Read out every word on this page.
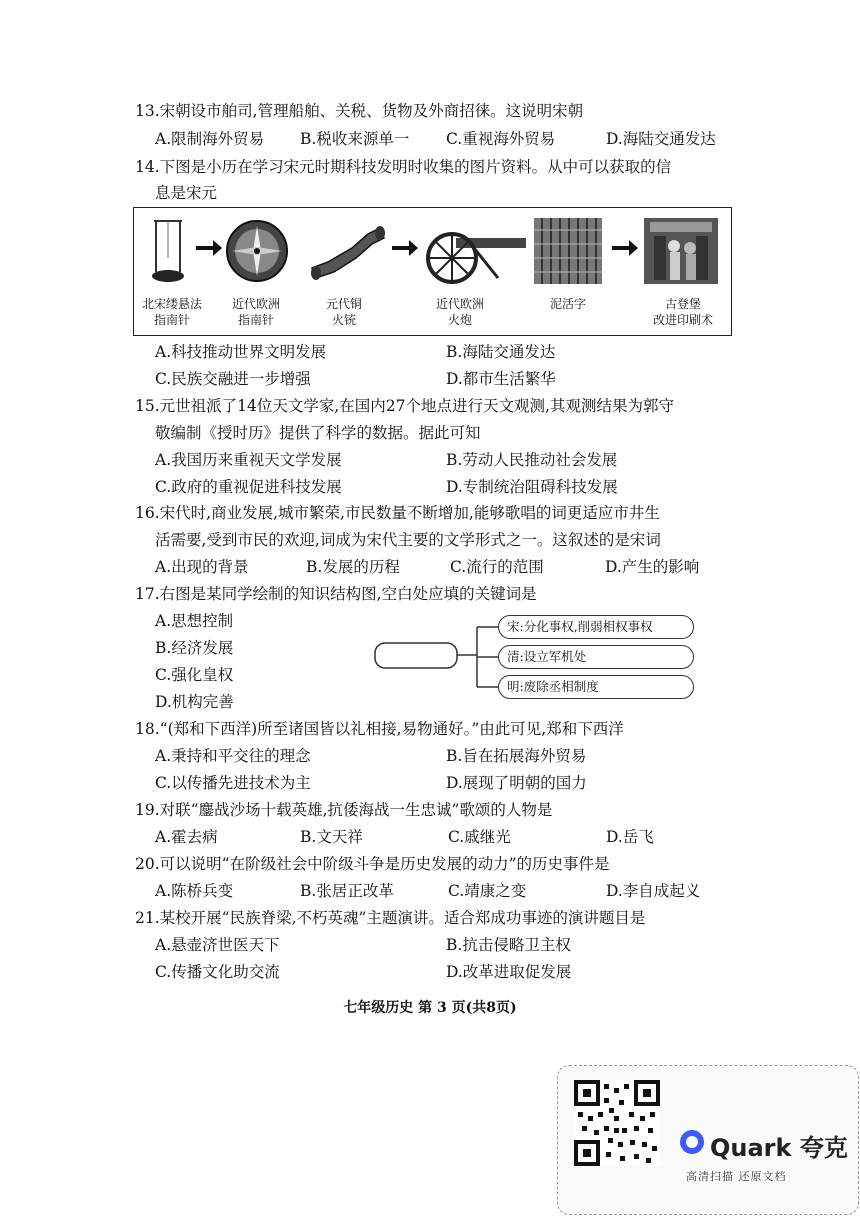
13.宋朝设市舶司,管理船舶、关税、货物及外商招徕。这说明宋朝
A.限制海外贸易 B.税收来源单一 C.重视海外贸易	D.海陆交通发达
14.下图是小历在学习宋元时期科技发明时收集的图片资料。从中可以获取的信
息是宋元
北宋缕悬法
指南针
近代欧洲
指南针
元代铜
火铳
近代欧洲
火炮
泥活字	古登堡
改进印刷术
A.科技推动世界文明发展	B.海陆交通发达
C.民族交融进一步增强	D.都市生活繁华
15.元世祖派了14位天文学家,在国内27个地点进行天文观测,其观测结果为郭守
敬编制《授时历》提供了科学的数据。据此可知
A.我国历来重视天文学发展	B.劳动人民推动社会发展
C.政府的重视促进科技发展	D.专制统治阻碍科技发展
16.宋代时,商业发展,城市繁荣,市民数量不断增加,能够歌唱的词更适应市井生
活需要,受到市民的欢迎,词成为宋代主要的文学形式之一。这叙述的是宋词
A.出现的背景	B.发展的历程	C.流行的范围	D.产生的影响
17.右图是某同学绘制的知识结构图,空白处应填的关键词是
A.思想控制
B.经济发展
C.强化皇权
D.机构完善
宋:分化事权,削弱相权事权
清:设立军机处
明:废除丞相制度
18.“(郑和下西洋)所至诸国皆以礼相接,易物通好。”由此可见,郑和下西洋
A.秉持和平交往的理念	B.旨在拓展海外贸易
C.以传播先进技术为主	D.展现了明朝的国力
19.对联“鏖战沙场十载英雄,抗倭海战一生忠诚”歌颂的人物是
A.霍去病	B.文天祥	C.戚继光	D.岳飞
20.可以说明“在阶级社会中阶级斗争是历史发展的动力”的历史事件是
A.陈桥兵变	B.张居正改革	C.靖康之变	D.李自成起义
21.某校开展“民族脊梁,不朽英魂”主题演讲。适合郑成功事迹的演讲题目是
A.悬壶济世医天下	B.抗击侵略卫主权
C.传播文化助交流	D.改革进取促发展
七年级历史 第 3 页(共8页)
Quark 夸克
高清扫描 还原文档
